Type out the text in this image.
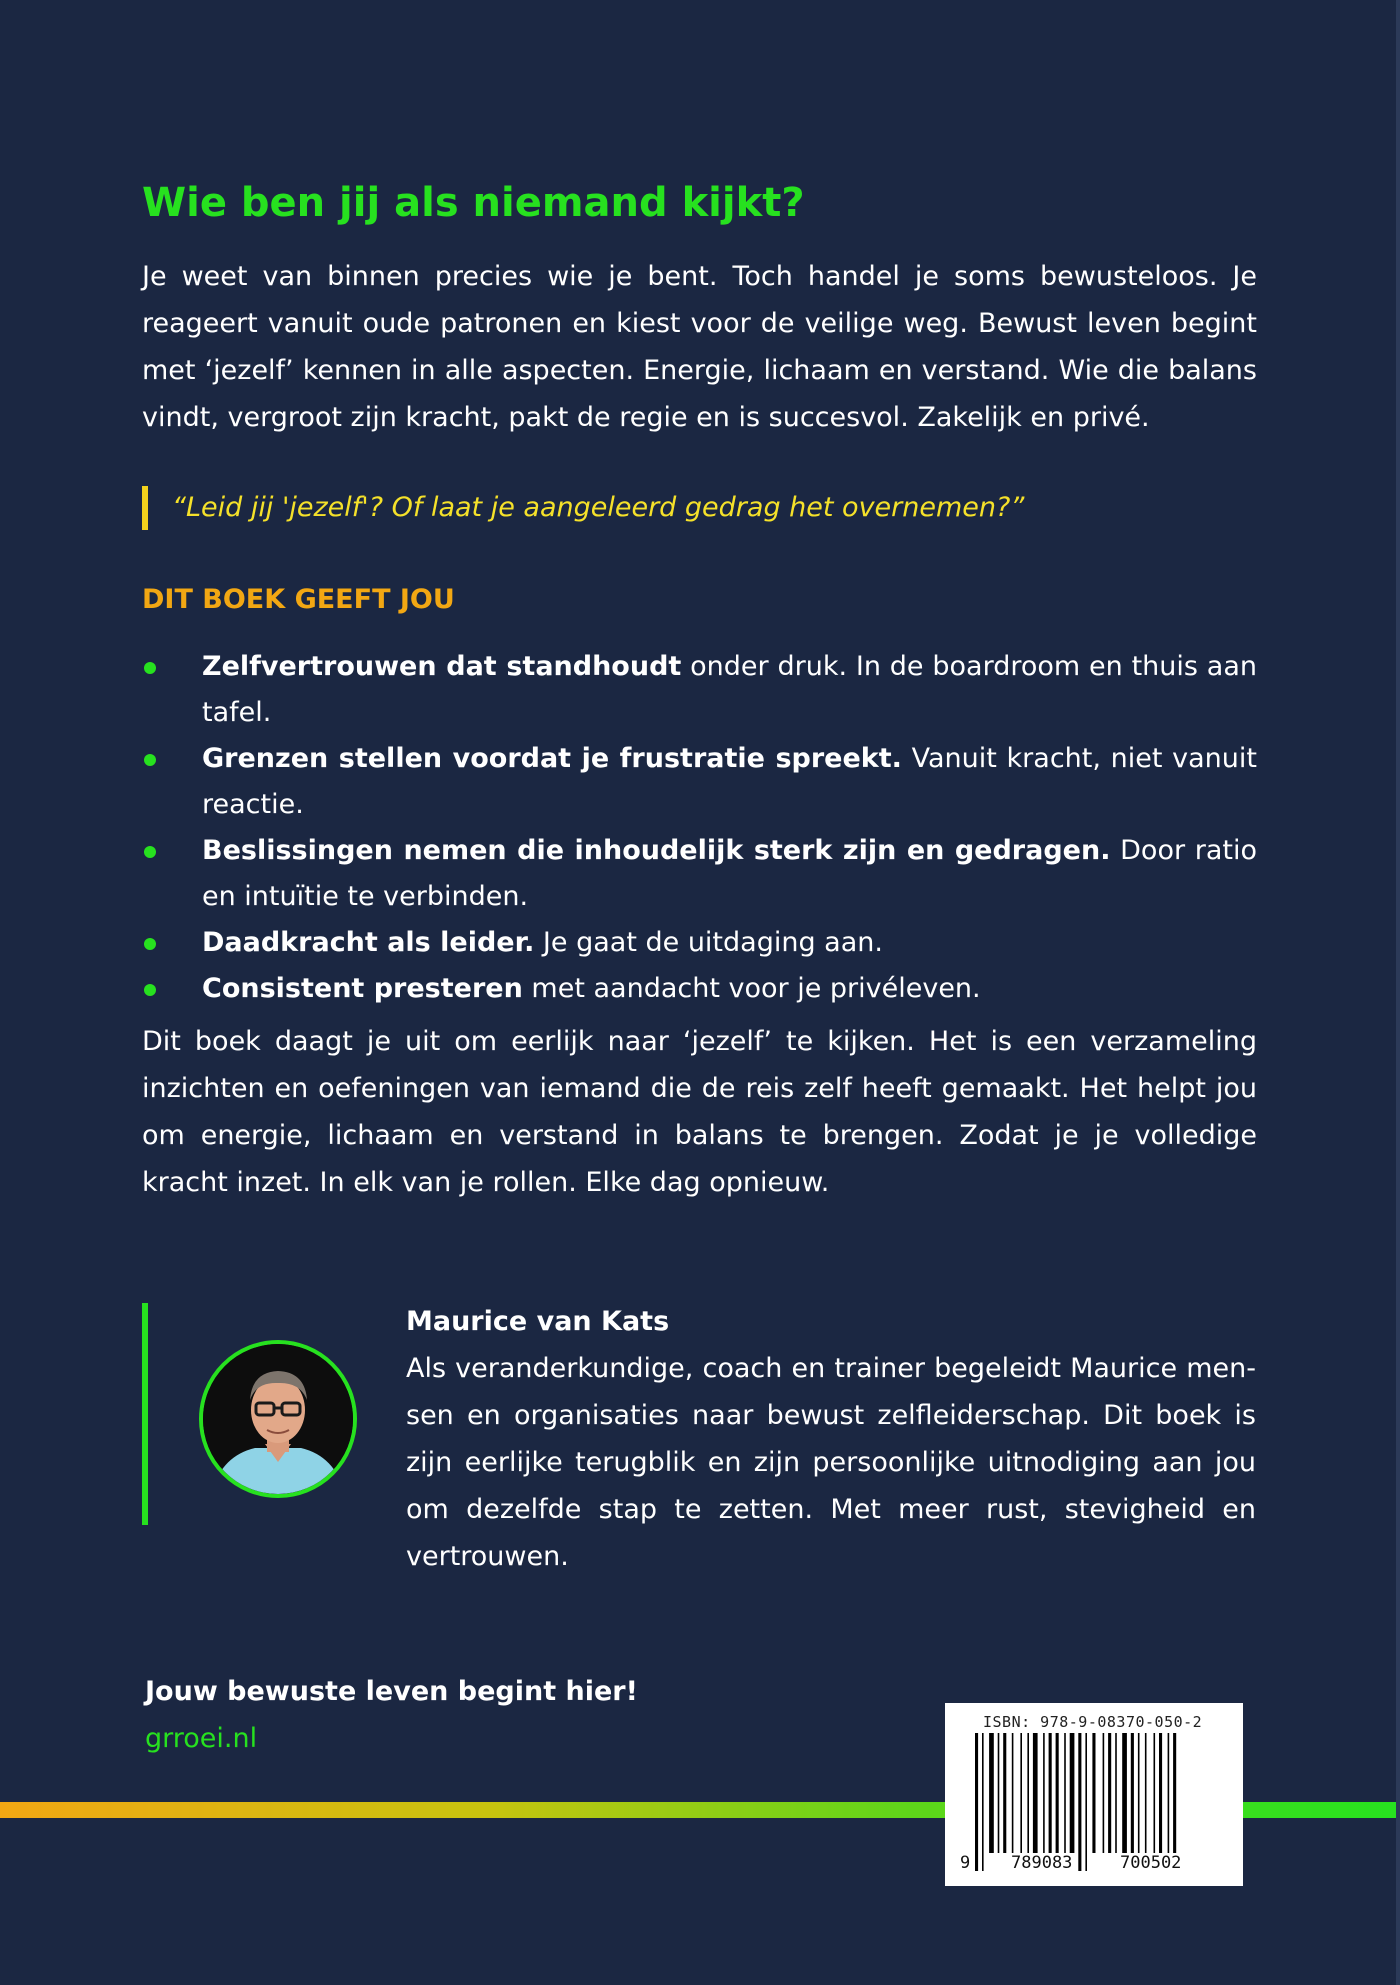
Wie ben jij als niemand kijkt?

Je weet van binnen precies wie je bent. Toch handel je soms bewusteloos. Je reageert vanuit oude patronen en kiest voor de veilige weg. Bewust leven begint met ‘jezelf’ kennen in alle aspecten. Energie, lichaam en verstand. Wie die balans vindt, vergroot zijn kracht, pakt de regie en is succesvol. Zakelijk en privé.

“Leid jij 'jezelf'? Of laat je aangeleerd gedrag het overnemen?”
DIT BOEK GEEFT JOU
Zelfvertrouwen dat standhoudt onder druk. In de boardroom en thuis aan tafel.
Grenzen stellen voordat je frustratie spreekt. Vanuit kracht, niet vanuit reactie.
Beslissingen nemen die inhoudelijk sterk zijn en gedragen. Door ratio en intuïtie te verbinden.
Daadkracht als leider. Je gaat de uitdaging aan.
Consistent presteren met aandacht voor je privéleven.

Dit boek daagt je uit om eerlijk naar ‘jezelf’ te kijken. Het is een verzameling inzichten en oefeningen van iemand die de reis zelf heeft gemaakt. Het helpt jou om energie, lichaam en verstand in balans te brengen. Zodat je je volledige kracht inzet. In elk van je rollen. Elke dag opnieuw.

Maurice van Kats

Als veranderkundige, coach en trainer begeleidt Maurice mensen en organisaties naar bewust zelfleiderschap. Dit boek is zijn eerlijke terugblik en zijn persoonlijke uitnodiging aan jou om dezelfde stap te zetten. Met meer rust, stevigheid en vertrouwen.

Jouw bewuste leven begint hier!
grroei.nl
ISBN: 978-9-08370-050-2
9 789083	700502
